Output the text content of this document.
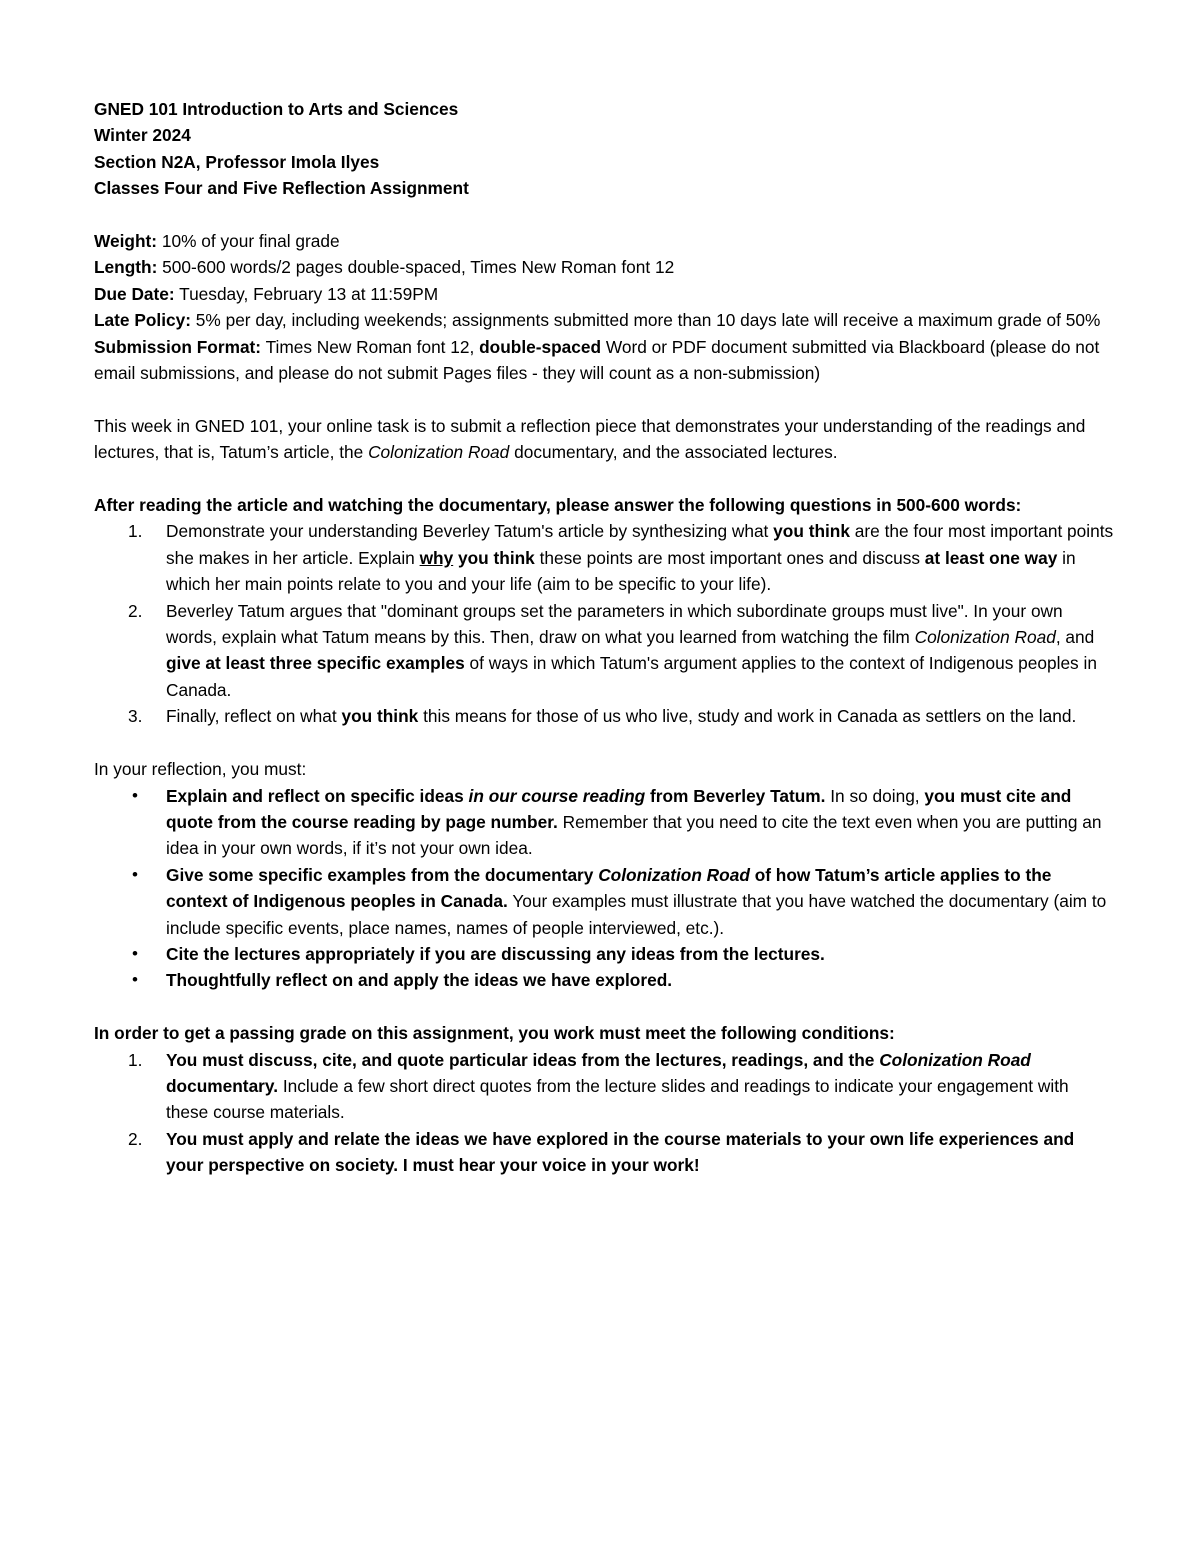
GNED 101 Introduction to Arts and Sciences

Winter 2024

Section N2A, Professor Imola Ilyes

Classes Four and Five Reflection Assignment

Weight: 10% of your final grade

Length: 500-600 words/2 pages double-spaced, Times New Roman font 12

Due Date: Tuesday, February 13 at 11:59PM

Late Policy: 5% per day, including weekends; assignments submitted more than 10 days late will receive a maximum grade of 50%

Submission Format: Times New Roman font 12, double-spaced Word or PDF document submitted via Blackboard (please do not email submissions, and please do not submit Pages files - they will count as a non-submission)

This week in GNED 101, your online task is to submit a reflection piece that demonstrates your understanding of the readings and lectures, that is, Tatum’s article, the Colonization Road documentary, and the associated lectures.

After reading the article and watching the documentary, please answer the following questions in 500-600 words:

1. Demonstrate your understanding Beverley Tatum's article by synthesizing what you think are the four most important points she makes in her article. Explain why you think these points are most important ones and discuss at least one way in which her main points relate to you and your life (aim to be specific to your life).
2. Beverley Tatum argues that "dominant groups set the parameters in which subordinate groups must live". In your own words, explain what Tatum means by this. Then, draw on what you learned from watching the film Colonization Road, and give at least three specific examples of ways in which Tatum's argument applies to the context of Indigenous peoples in Canada.
3. Finally, reflect on what you think this means for those of us who live, study and work in Canada as settlers on the land.

In your reflection, you must:

• Explain and reflect on specific ideas in our course reading from Beverley Tatum. In so doing, you must cite and quote from the course reading by page number. Remember that you need to cite the text even when you are putting an idea in your own words, if it’s not your own idea.
• Give some specific examples from the documentary Colonization Road of how Tatum’s article applies to the context of Indigenous peoples in Canada. Your examples must illustrate that you have watched the documentary (aim to include specific events, place names, names of people interviewed, etc.).
• Cite the lectures appropriately if you are discussing any ideas from the lectures.
• Thoughtfully reflect on and apply the ideas we have explored.

In order to get a passing grade on this assignment, you work must meet the following conditions:

1. You must discuss, cite, and quote particular ideas from the lectures, readings, and the Colonization Road documentary. Include a few short direct quotes from the lecture slides and readings to indicate your engagement with these course materials.
2. You must apply and relate the ideas we have explored in the course materials to your own life experiences and your perspective on society. I must hear your voice in your work!
